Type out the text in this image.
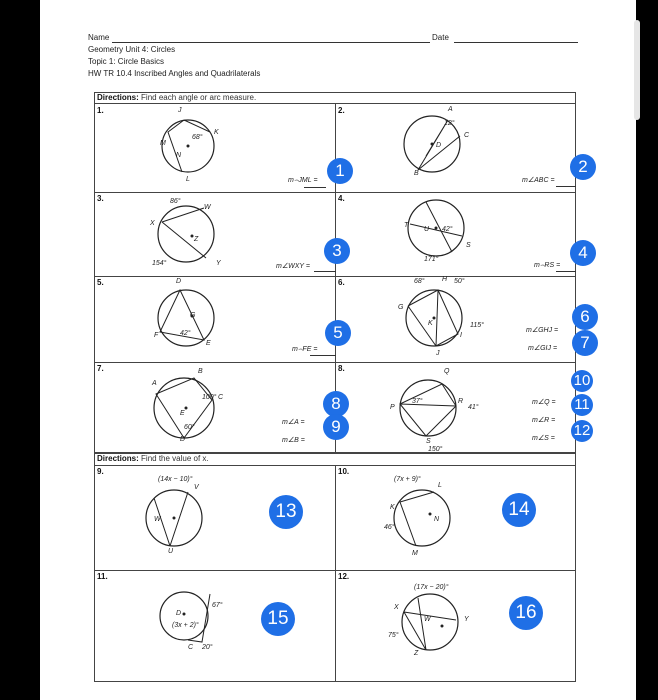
Name	Date
Geometry Unit 4: Circles
Topic 1: Circle Basics
HW TR 10.4 Inscribed Angles and Quadrilaterals
Directions: Find each angle or arc measure.
Directions: Find the value of x.
1.	2.
3.	4.
5.	6.
7.	8.
9.	10.
11.	12.
J
K
L
M
N
68°
m⌢JML =
1
A
B
C
D
12°
m∠ABC =
2
86°
W
X
Z
154°	Y	m∠WXY =
3
T
U 42°
S
171°
m⌢RS =
4
D
G
F
E
42°
m⌢FE =
5
68° H 50°
G
K
I
115°
J
m∠GHJ =
m∠GIJ =
6
7
A
B
C
D
E
100°
60°
m∠A =
m∠B =
8
9
Q
R
S
P
37°
41°
150°
m∠Q =
m∠R =
m∠S =
10
11
12
(14x − 10)°
V
W
U
13
(7x + 9)°
L
K
N
46°
M
14
D
(3x + 2)°
67°
C 20°
15
(17x − 20)°
X
W	Y
75°
Z
16
